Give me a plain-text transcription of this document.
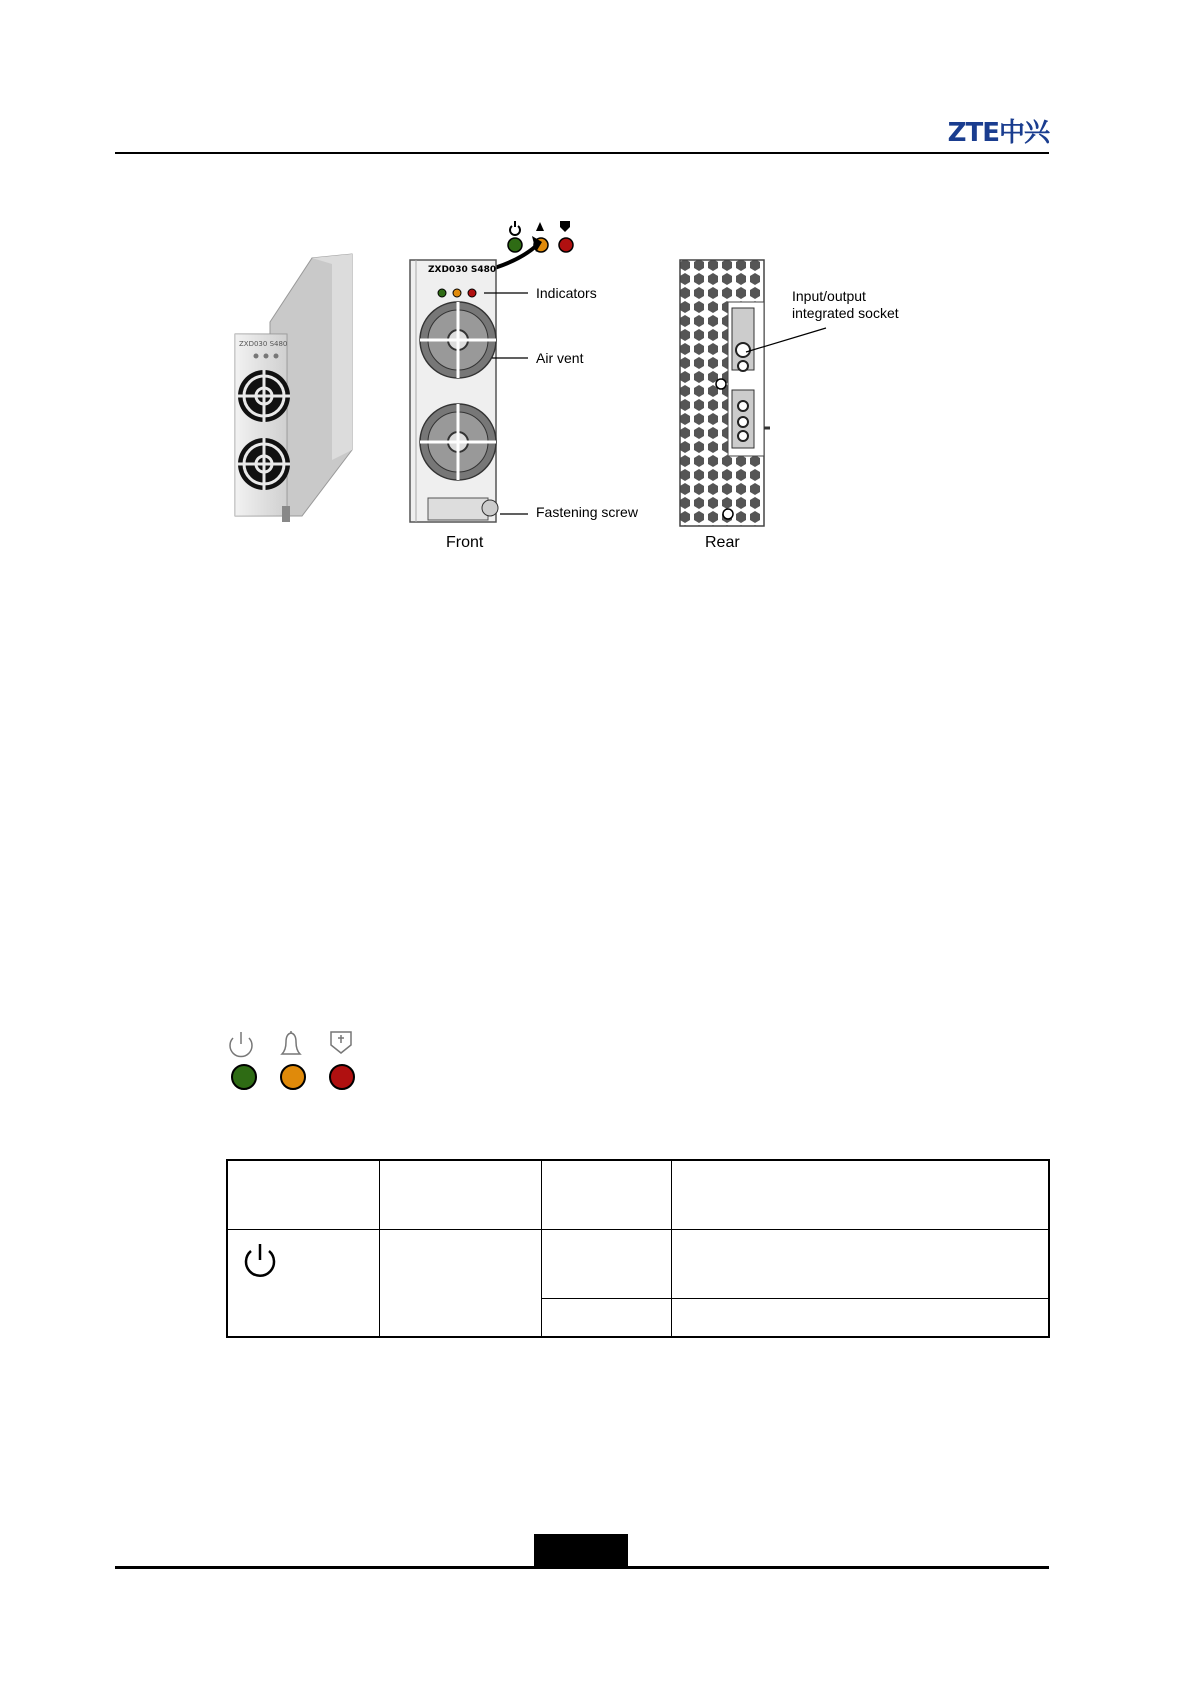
ZTE中兴
ZXD030 S480
ZXD030 S480
Indicators
Air vent
Fastening screw
Front
Input/output
integrated socket
Rear
